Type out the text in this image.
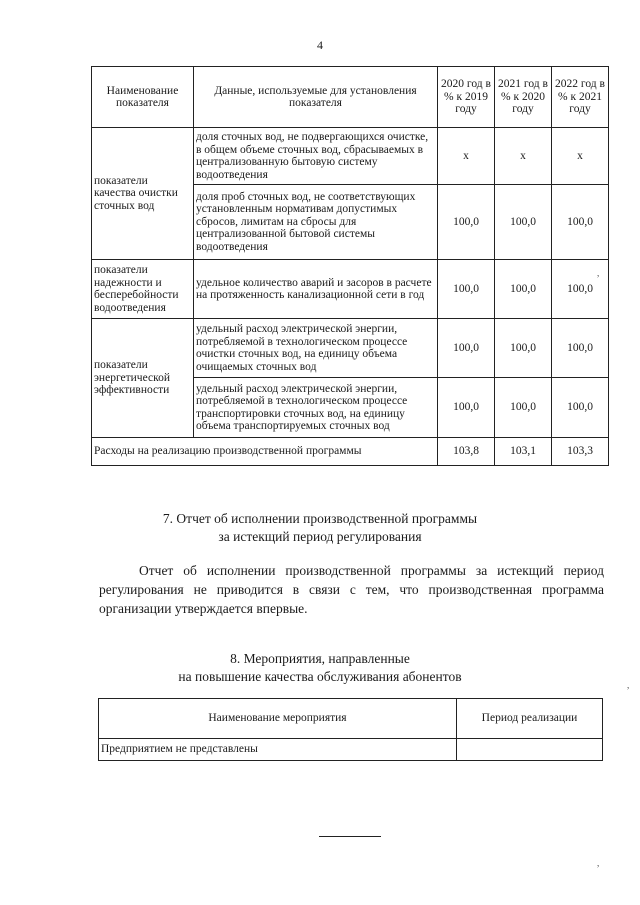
4
Наименование показателя	Данные, используемые для установления показателя	2020 год в % к 2019 году	2021 год в % к 2020 году	2022 год в % к 2021 году
показатели качества очистки сточных вод	доля сточных вод, не подвергающихся очистке, в общем объеме сточных вод, сбрасываемых в централизованную бытовую систему водоотведения	х	х	х
	доля проб сточных вод, не соответствующих установленным нормативам допустимых сбросов, лимитам на сбросы для централизованной бытовой системы водоотведения	100,0	100,0	100,0
показатели надежности и бесперебойности водоотведения	удельное количество аварий и засоров в расчете на протяженность канализационной сети в год	100,0	100,0	100,0
показатели энергетической эффективности	удельный расход электрической энергии, потребляемой в технологическом процессе очистки сточных вод, на единицу объема очищаемых сточных вод	100,0	100,0	100,0
	удельный расход электрической энергии, потребляемой в технологическом процессе транспортировки сточных вод, на единицу объема транспортируемых сточных вод	100,0	100,0	100,0
Расходы на реализацию производственной программы		103,8	103,1	103,3
7. Отчет об исполнении производственной программы
за истекщий период регулирования
Отчет об исполнении производственной программы за истекщий период регулирования не приводится в связи с тем, что производственная программа организации утверждается впервые.
8. Мероприятия, направленные
на повышение качества обслуживания абонентов
Наименование мероприятия	Период реализации
Предприятием не представлены	
,
,
,
